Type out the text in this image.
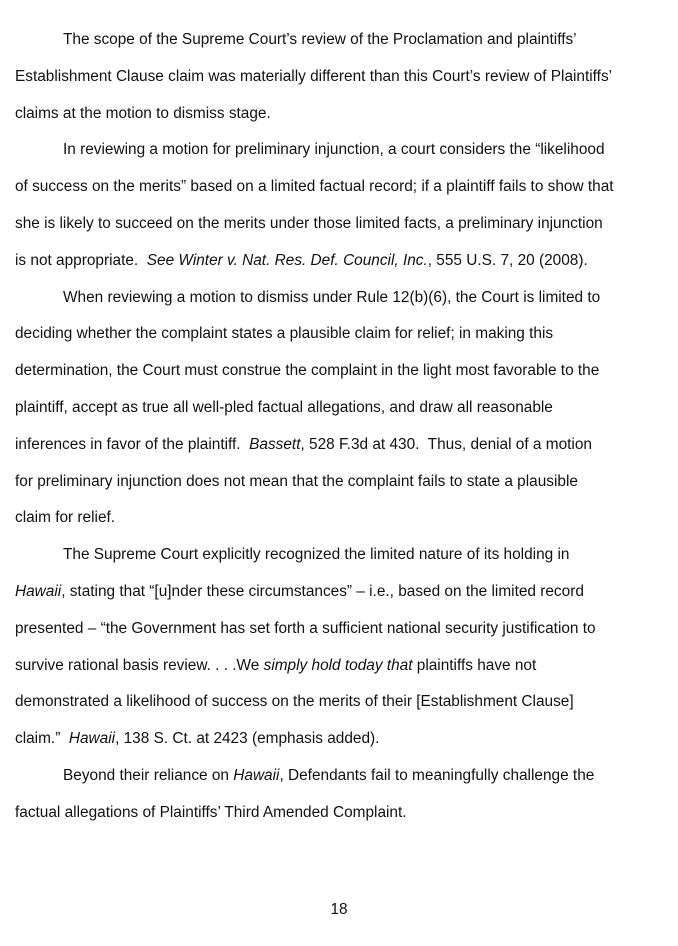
The scope of the Supreme Court’s review of the Proclamation and plaintiffs’
Establishment Clause claim was materially different than this Court’s review of Plaintiffs’
claims at the motion to dismiss stage.
In reviewing a motion for preliminary injunction, a court considers the “likelihood
of success on the merits” based on a limited factual record; if a plaintiff fails to show that
she is likely to succeed on the merits under those limited facts, a preliminary injunction
is not appropriate.  See Winter v. Nat. Res. Def. Council, Inc., 555 U.S. 7, 20 (2008).
When reviewing a motion to dismiss under Rule 12(b)(6), the Court is limited to
deciding whether the complaint states a plausible claim for relief; in making this
determination, the Court must construe the complaint in the light most favorable to the
plaintiff, accept as true all well-pled factual allegations, and draw all reasonable
inferences in favor of the plaintiff.  Bassett, 528 F.3d at 430.  Thus, denial of a motion
for preliminary injunction does not mean that the complaint fails to state a plausible
claim for relief.
The Supreme Court explicitly recognized the limited nature of its holding in
Hawaii, stating that “[u]nder these circumstances” – i.e., based on the limited record
presented – “the Government has set forth a sufficient national security justification to
survive rational basis review. . . .We simply hold today that plaintiffs have not
demonstrated a likelihood of success on the merits of their [Establishment Clause]
claim.”  Hawaii, 138 S. Ct. at 2423 (emphasis added).
Beyond their reliance on Hawaii, Defendants fail to meaningfully challenge the
factual allegations of Plaintiffs’ Third Amended Complaint.
18
